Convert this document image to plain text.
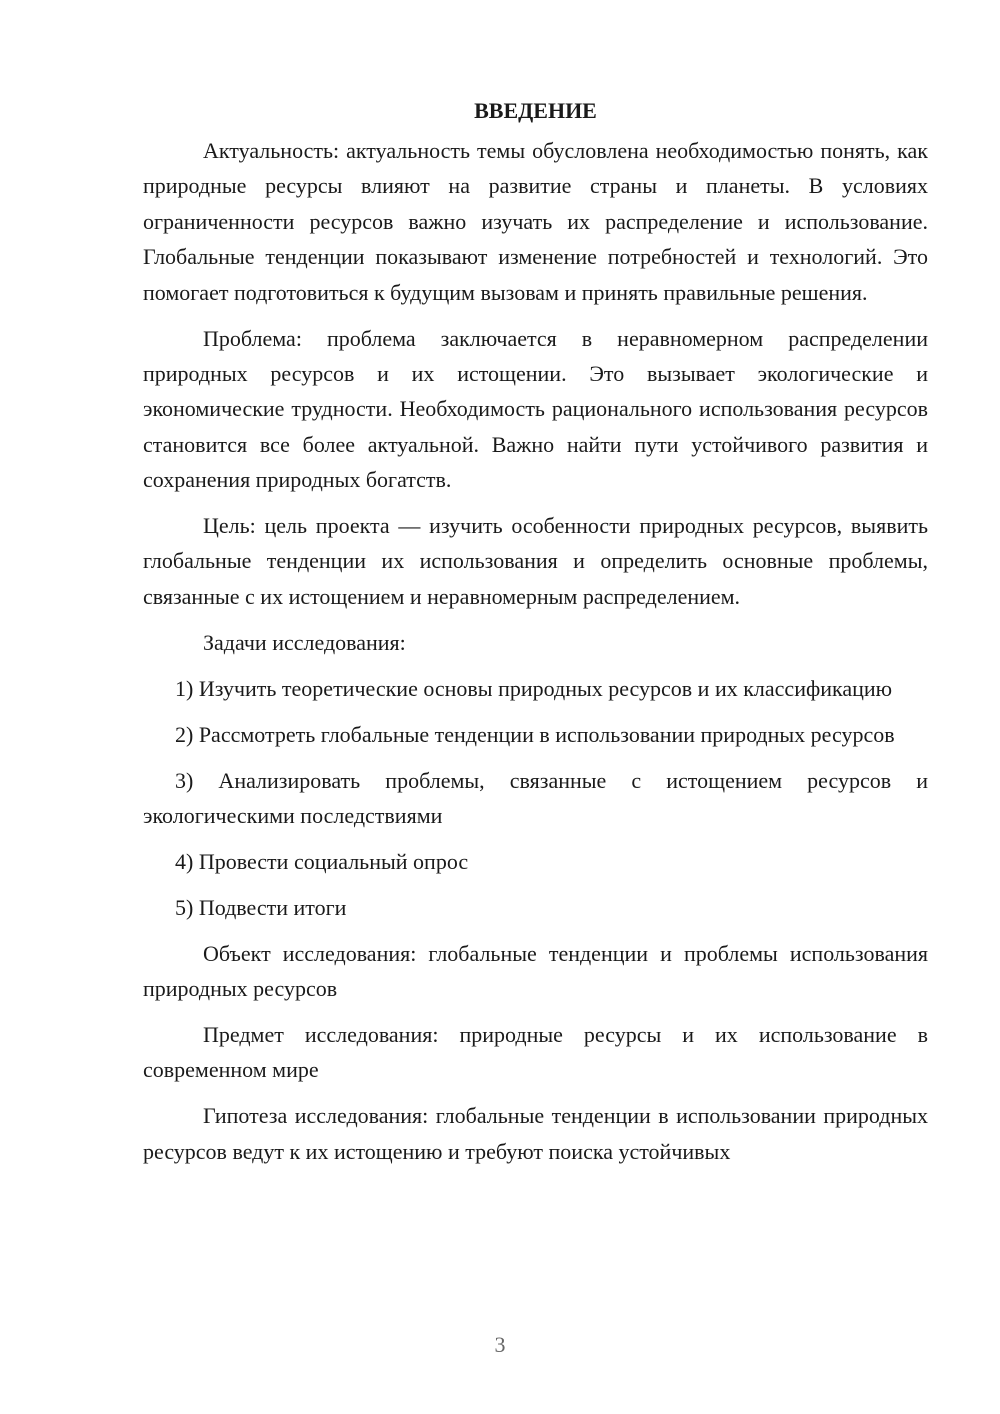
ВВЕДЕНИЕ

Актуальность: актуальность темы обусловлена необходимостью понять, как природные ресурсы влияют на развитие страны и планеты. В условиях ограниченности ресурсов важно изучать их распределение и использование. Глобальные тенденции показывают изменение потребностей и технологий. Это помогает подготовиться к будущим вызовам и принять правильные решения.

Проблема: проблема заключается в неравномерном распределении природных ресурсов и их истощении. Это вызывает экологические и экономические трудности. Необходимость рационального использования ресурсов становится все более актуальной. Важно найти пути устойчивого развития и сохранения природных богатств.

Цель: цель проекта — изучить особенности природных ресурсов, выявить глобальные тенденции их использования и определить основные проблемы, связанные с их истощением и неравномерным распределением.

Задачи исследования:

1) Изучить теоретические основы природных ресурсов и их классификацию

2) Рассмотреть глобальные тенденции в использовании природных ресурсов

3) Анализировать проблемы, связанные с истощением ресурсов и экологическими последствиями

4) Провести социальный опрос

5) Подвести итоги

Объект исследования: глобальные тенденции и проблемы использования природных ресурсов

Предмет исследования: природные ресурсы и их использование в современном мире

Гипотеза исследования: глобальные тенденции в использовании природных ресурсов ведут к их истощению и требуют поиска устойчивых

3
